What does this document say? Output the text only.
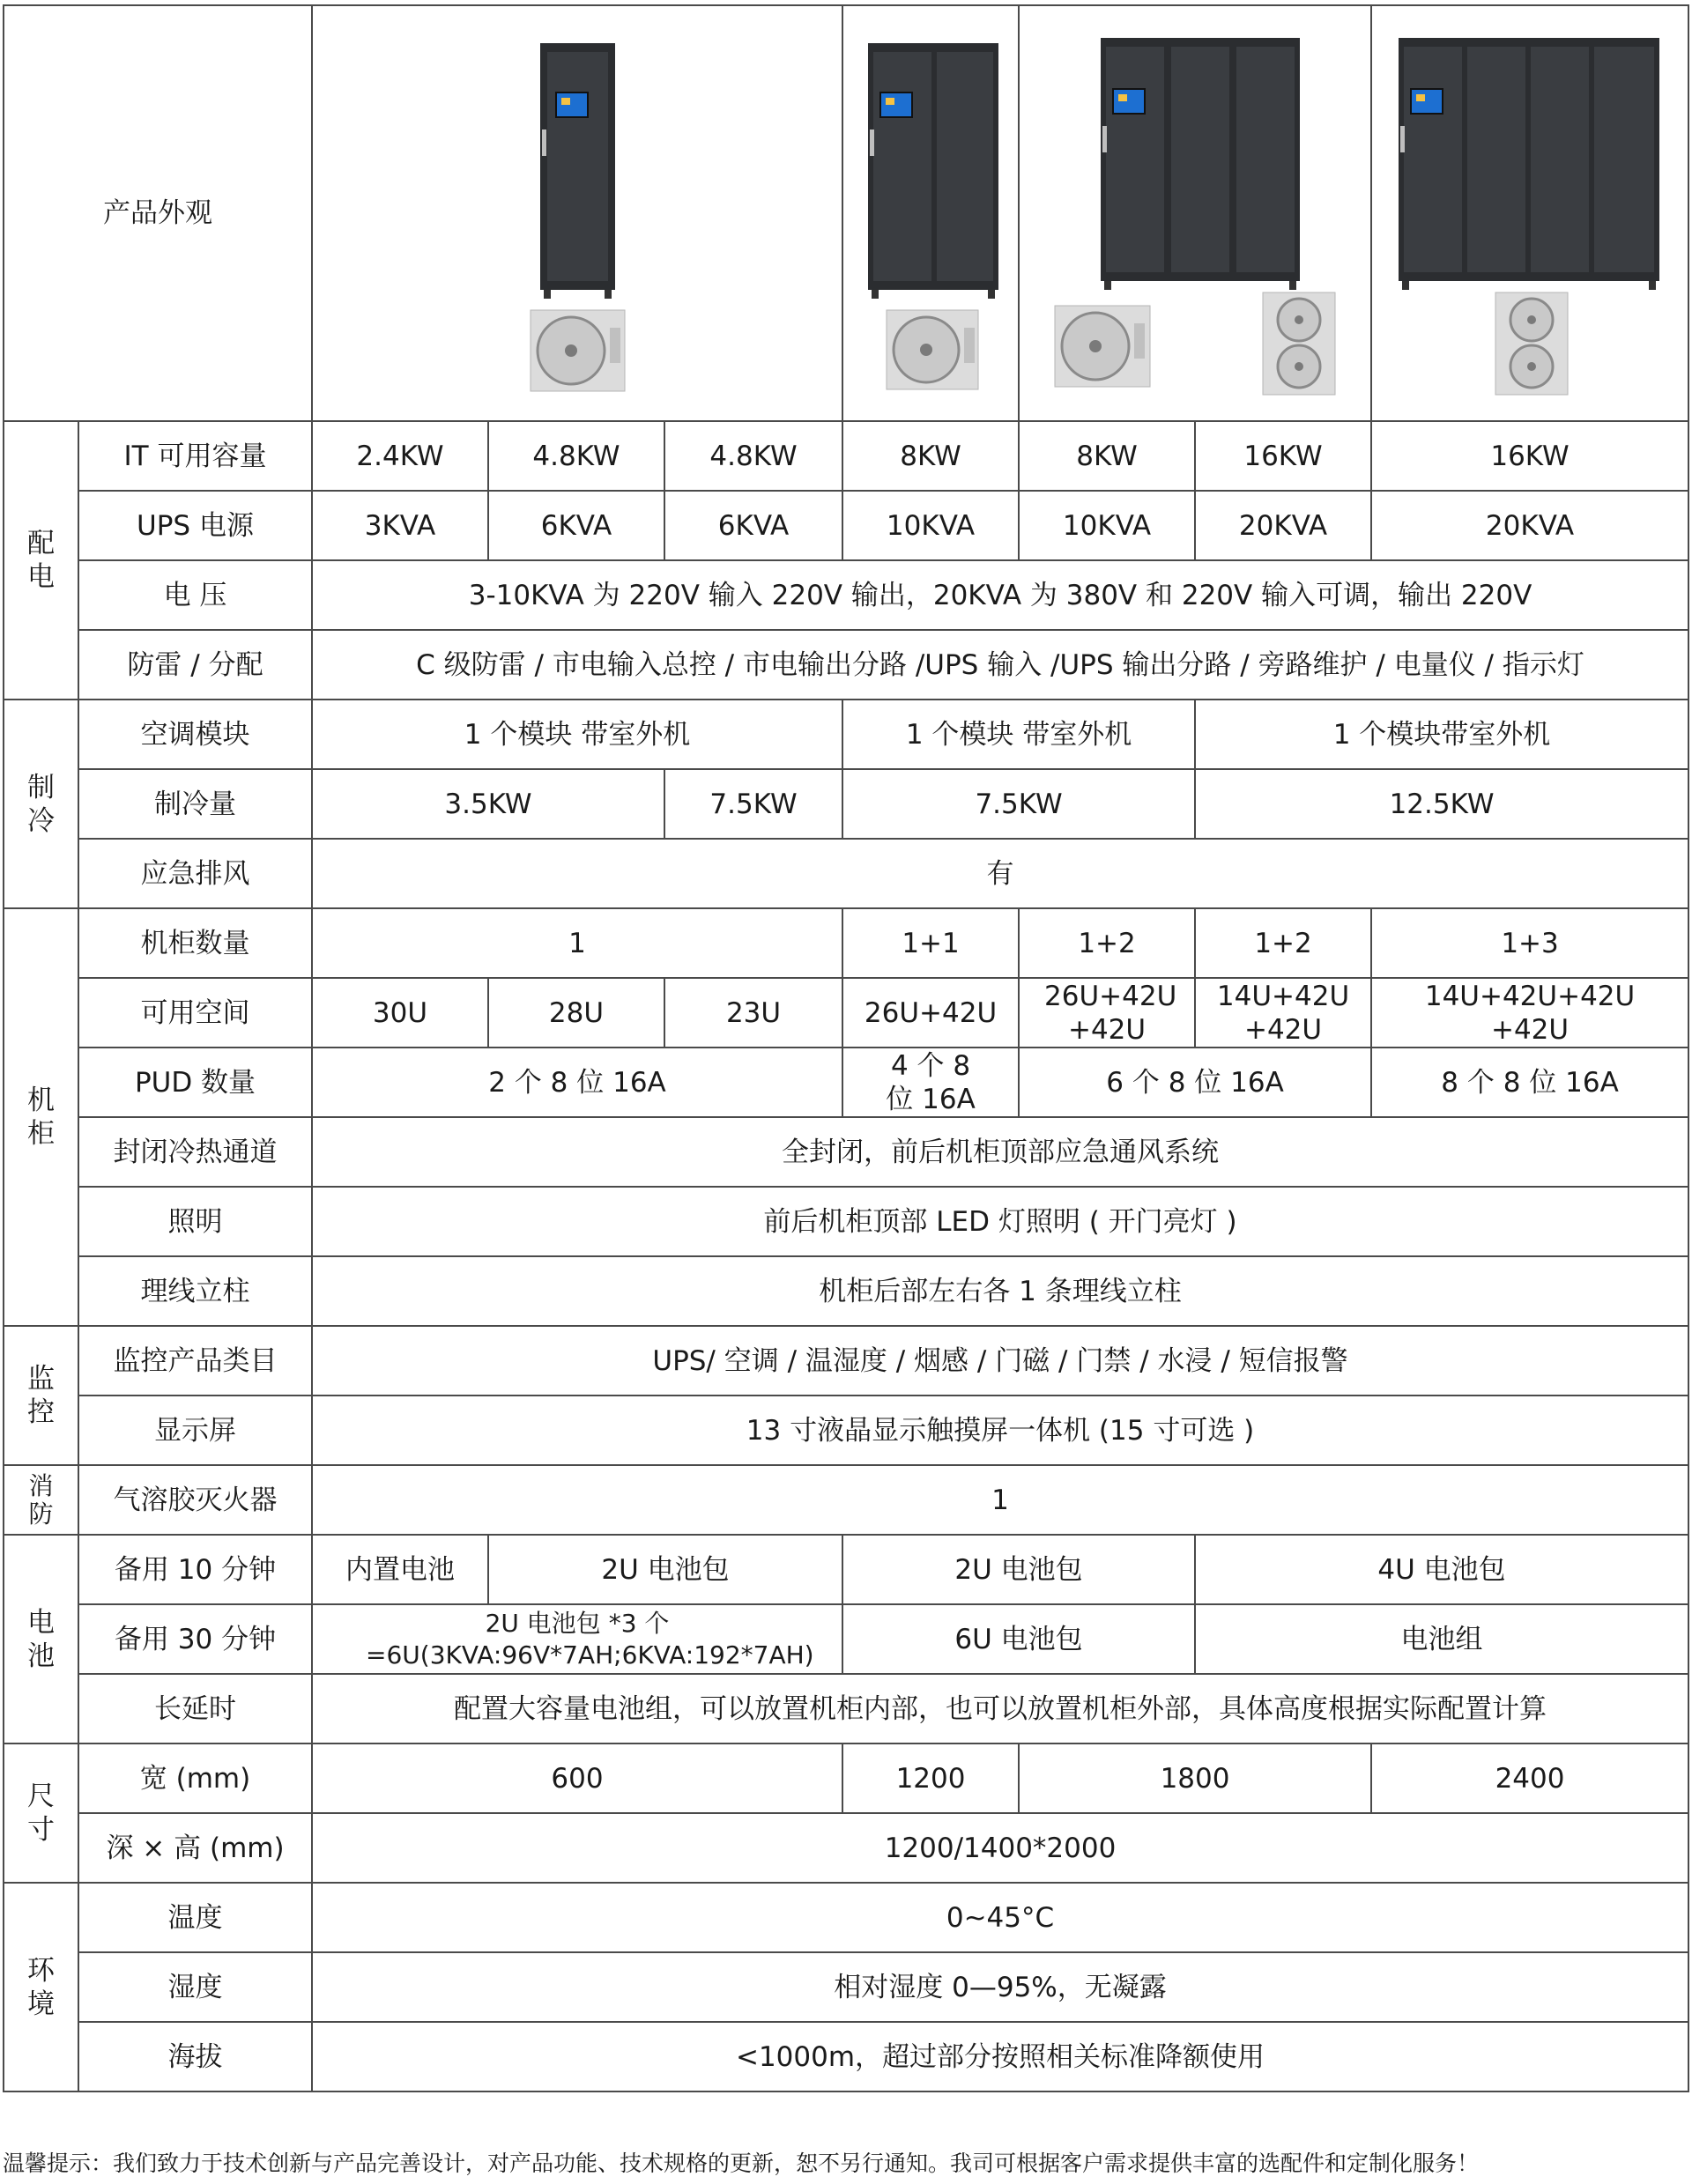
产品外观	

配
电	IT 可用容量	2.4KW	4.8KW	4.8KW	8KW	8KW	16KW	16KW
	UPS 电源	3KVA	6KVA	6KVA	10KVA	10KVA	20KVA	20KVA
	电 压	3-10KVA 为 220V 输入 220V 输出，20KVA 为 380V 和 220V 输入可调，输出 220V						
	防雷 / 分配	C 级防雷 / 市电输入总控 / 市电输出分路 /UPS 输入 /UPS 输出分路 / 旁路维护 / 电量仪 / 指示灯						

制
冷	空调模块	1 个模块 带室外机			1 个模块 带室外机		1 个模块带室外机	
	制冷量	3.5KW		7.5KW	7.5KW		12.5KW	
	应急排风	有						

机
柜	机柜数量	1			1+1	1+2	1+2	1+3
	可用空间	30U	28U	23U	26U+42U	26U+42U +42U	14U+42U +42U	14U+42U+42U +42U
	PUD 数量	2 个 8 位 16A			4 个 8 位 16A	6 个 8 位 16A		8 个 8 位 16A
	封闭冷热通道	全封闭，前后机柜顶部应急通风系统						
	照明	前后机柜顶部 LED 灯照明 ( 开门亮灯 )						
	理线立柱	机柜后部左右各 1 条理线立柱						

监
控	监控产品类目	UPS/ 空调 / 温湿度 / 烟感 / 门磁 / 门禁 / 水浸 / 短信报警						
	显示屏	13 寸液晶显示触摸屏一体机 (15 寸可选 )						

消
防	气溶胶灭火器	1						

电
池	备用 10 分钟	内置电池	2U 电池包		2U 电池包		4U 电池包	
	备用 30 分钟	2U 电池包 *3 个 =6U(3KVA:96V*7AH;6KVA:192*7AH)			6U 电池包		电池组	
	长延时	配置大容量电池组，可以放置机柜内部，也可以放置机柜外部，具体高度根据实际配置计算						

尺
寸	宽 (mm)	600			1200	1800		2400
	深 × 高 (mm)	1200/1400*2000						

环
境	温度	0~45°C						
	湿度	相对湿度 0—95%，无凝露						
	海拔	<1000m，超过部分按照相关标准降额使用						
温馨提示：我们致力于技术创新与产品完善设计，对产品功能、技术规格的更新，恕不另行通知。我司可根据客户需求提供丰富的选配件和定制化服务！
